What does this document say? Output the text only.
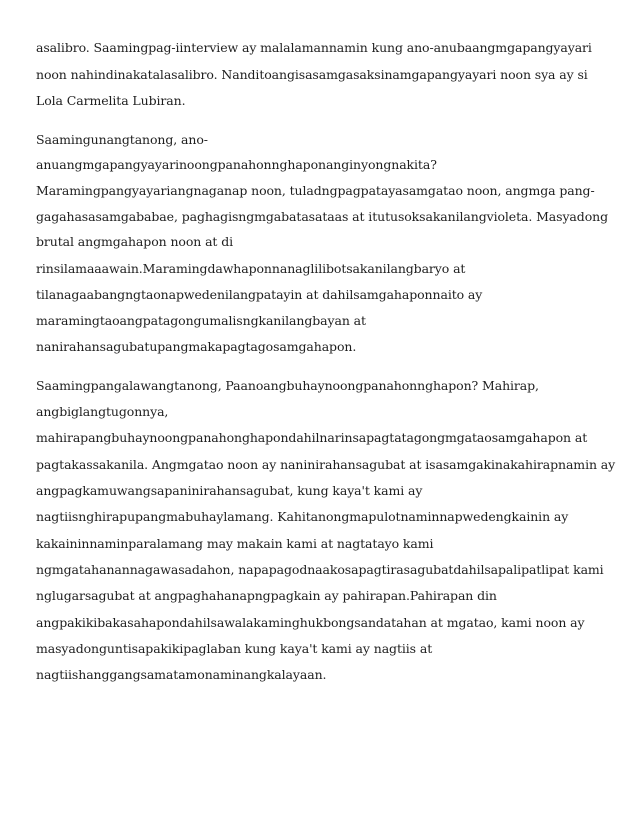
asalibro. Saamingpag-iinterview ay malalamannamin kung ano-anubaangmgapangyayari
noon nahindinakatalasalibro. Nanditoangisasamgasaksinamgapangyayari noon sya ay si
Lola Carmelita Lubiran.
Saamingunangtanong, ano-
anuangmgapangyayarinoongpanahonnghaponanginyongnakita?
Maramingpangyayariangnaganap noon, tuladngpagpatayasamgatao noon, angmga pang-
gagahasasamgababae, paghagisngmgabatasataas at itutusoksakanilangvioleta. Masyadong
brutal angmgahapon noon at di
rinsilamaaawain.Maramingdawhaponnanaglilibotsakanilangbaryo at
tilanagaabangngtaonapwedenilangpatayin at dahilsamgahaponnaito ay
maramingtaoangpatagongumalisngkanilangbayan at
nanirahansagubatupangmakapagtagosamgahapon.
Saamingpangalawangtanong, Paanoangbuhaynoongpanahonnghapon? Mahirap,
angbiglangtugonnya,
mahirapangbuhaynoongpanahonghapondahilnarinsapagtatagongmgataosamgahapon at
pagtakassakanila. Angmgatao noon ay naninirahansagubat at isasamgakinakahirapnamin ay
angpagkamuwangsapaninirahansagubat, kung kaya't kami ay
nagtiisnghirapupangmabuhaylamang. Kahitanongmapulotnaminnapwedengkainin ay
kakaininnaminparalamang may makain kami at nagtatayo kami
ngmgatahanannagawasadahon, napapagodnaakosapagtirasagubatdahilsapalipatlipat kami
nglugarsagubat at angpaghahanapngpagkain ay pahirapan.Pahirapan din
angpakikibakasahapondahilsawalakaminghukbongsandatahan at mgatao, kami noon ay
masyadonguntisapakikipaglaban kung kaya't kami ay nagtiis at
nagtiishanggangsamatamonaminangkalayaan.
